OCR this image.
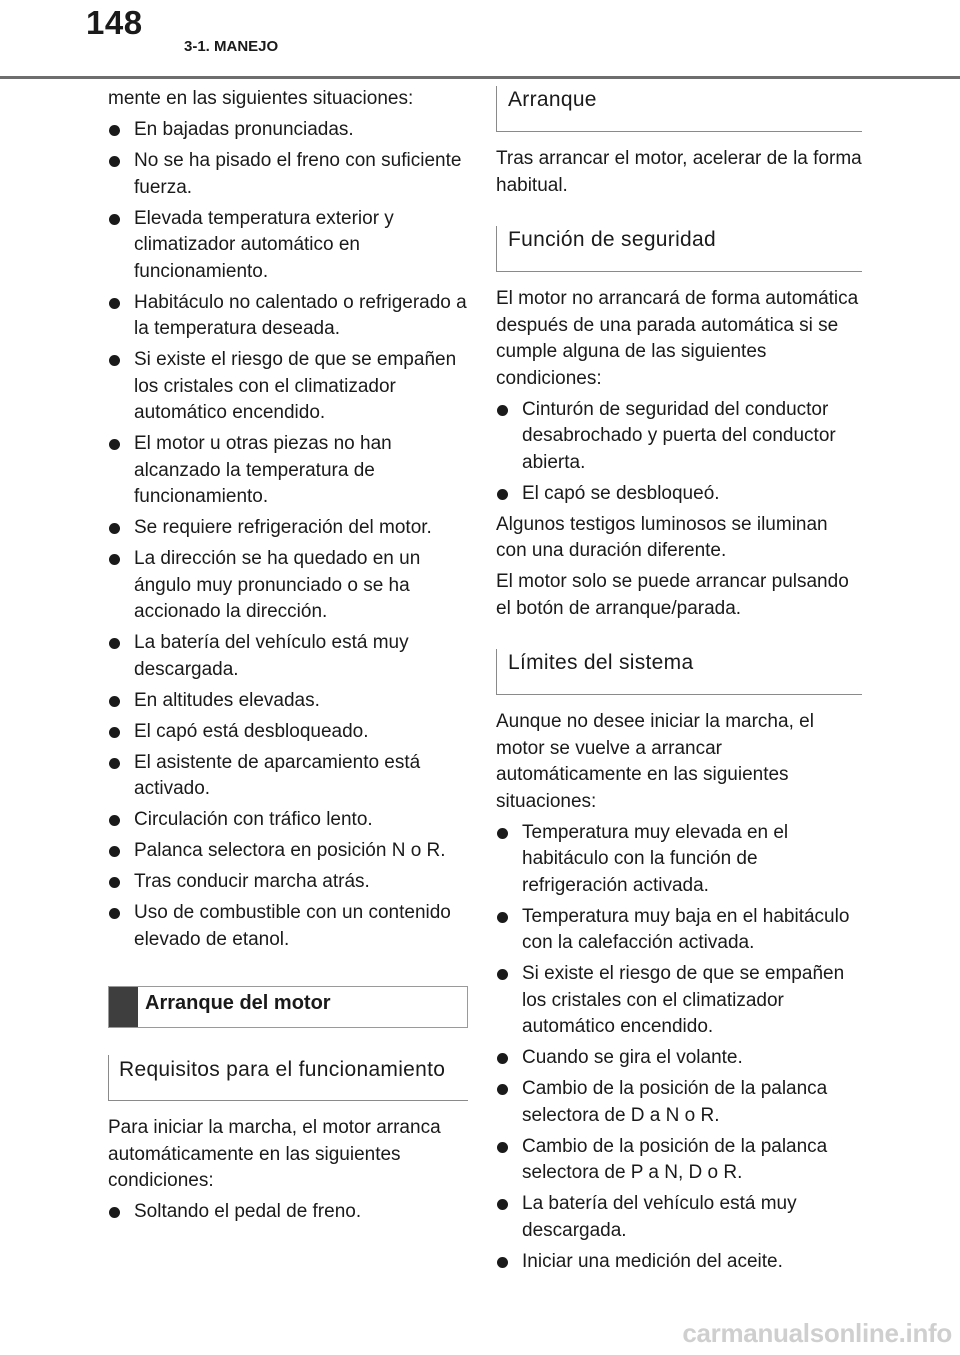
148
3-1. MANEJO

mente en las siguientes situaciones:

En bajadas pronunciadas.
No se ha pisado el freno con suficiente fuerza.
Elevada temperatura exterior y climatizador automático en funcionamiento.
Habitáculo no calentado o refrigerado a la temperatura deseada.
Si existe el riesgo de que se empañen los cristales con el climatizador automático encendido.
El motor u otras piezas no han alcanzado la temperatura de funcionamiento.
Se requiere refrigeración del motor.
La dirección se ha quedado en un ángulo muy pronunciado o se ha accionado la dirección.
La batería del vehículo está muy descargada.
En altitudes elevadas.
El capó está desbloqueado.
El asistente de aparcamiento está activado.
Circulación con tráfico lento.
Palanca selectora en posición N o R.
Tras conducir marcha atrás.
Uso de combustible con un contenido elevado de etanol.
Arranque del motor
Requisitos para el funcionamiento

Para iniciar la marcha, el motor arranca automáticamente en las siguientes condiciones:

Soltando el pedal de freno.
Arranque

Tras arrancar el motor, acelerar de la forma habitual.

Función de seguridad

El motor no arrancará de forma automática después de una parada automática si se cumple alguna de las siguientes condiciones:

Cinturón de seguridad del conductor desabrochado y puerta del conductor abierta.
El capó se desbloqueó.

Algunos testigos luminosos se iluminan con una duración diferente.

El motor solo se puede arrancar pulsando el botón de arranque/parada.

Límites del sistema

Aunque no desee iniciar la marcha, el motor se vuelve a arrancar automáticamente en las siguientes situaciones:

Temperatura muy elevada en el habitáculo con la función de refrigeración activada.
Temperatura muy baja en el habitáculo con la calefacción activada.
Si existe el riesgo de que se empañen los cristales con el climatizador automático encendido.
Cuando se gira el volante.
Cambio de la posición de la palanca selectora de D a N o R.
Cambio de la posición de la palanca selectora de P a N, D o R.
La batería del vehículo está muy descargada.
Iniciar una medición del aceite.
carmanualsonline.info
